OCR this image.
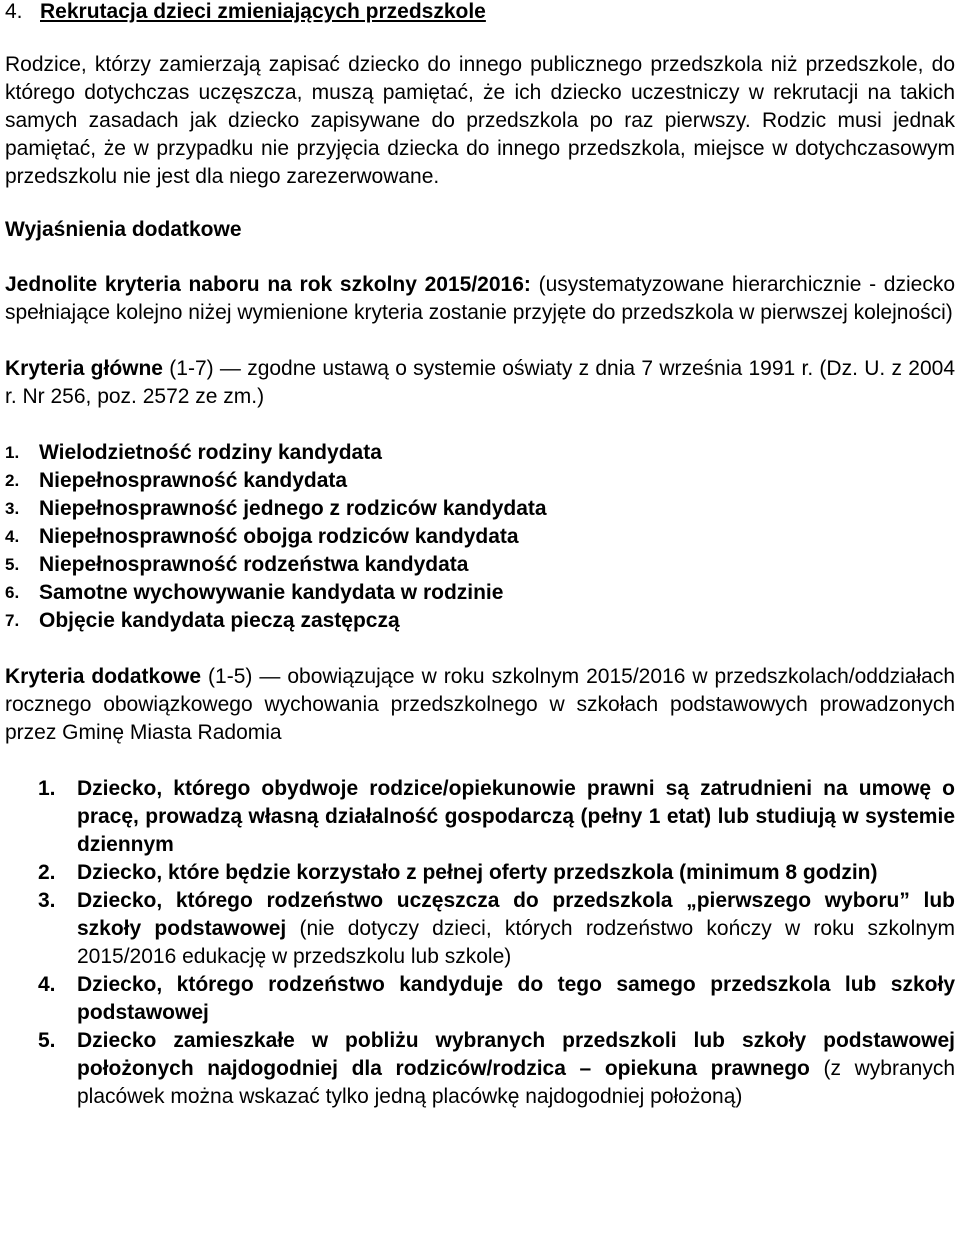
4. Rekrutacja dzieci zmieniających przedszkole

Rodzice, którzy zamierzają zapisać dziecko do innego publicznego przedszkola niż przedszkole, do którego dotychczas uczęszcza, muszą pamiętać, że ich dziecko uczestniczy w rekrutacji na takich samych zasadach jak dziecko zapisywane do przedszkola po raz pierwszy. Rodzic musi jednak pamiętać, że w przypadku nie przyjęcia dziecka do innego przedszkola, miejsce w dotychczasowym przedszkolu nie jest dla niego zarezerwowane.

Wyjaśnienia dodatkowe

Jednolite kryteria naboru na rok szkolny 2015/2016: (usystematyzowane hierarchicznie - dziecko spełniające kolejno niżej wymienione kryteria zostanie przyjęte do przedszkola w pierwszej kolejności)

Kryteria główne (1-7) — zgodne ustawą o systemie oświaty z dnia 7 września 1991 r. (Dz. U. z 2004 r. Nr 256, poz. 2572 ze zm.)

1. Wielodzietność rodziny kandydata
2. Niepełnosprawność kandydata
3. Niepełnosprawność jednego z rodziców kandydata
4. Niepełnosprawność obojga rodziców kandydata
5. Niepełnosprawność rodzeństwa kandydata
6. Samotne wychowywanie kandydata w rodzinie
7. Objęcie kandydata pieczą zastępczą

Kryteria dodatkowe (1-5) — obowiązujące w roku szkolnym 2015/2016 w przedszkolach/oddziałach rocznego obowiązkowego wychowania przedszkolnego w szkołach podstawowych prowadzonych przez Gminę Miasta Radomia

1.	Dziecko, którego obydwoje rodzice/opiekunowie prawni są zatrudnieni na umowę o pracę, prowadzą własną działalność gospodarczą (pełny 1 etat) lub studiują w systemie dziennym
2.	Dziecko, które będzie korzystało z pełnej oferty przedszkola (minimum 8 godzin)
3.	Dziecko, którego rodzeństwo uczęszcza do przedszkola „pierwszego wyboru” lub szkoły podstawowej (nie dotyczy dzieci, których rodzeństwo kończy w roku szkolnym 2015/2016 edukację w przedszkolu lub szkole)
4.	Dziecko, którego rodzeństwo kandyduje do tego samego przedszkola lub szkoły podstawowej
5.	Dziecko zamieszkałe w pobliżu wybranych przedszkoli lub szkoły podstawowej położonych najdogodniej dla rodziców/rodzica – opiekuna prawnego (z wybranych placówek można wskazać tylko jedną placówkę najdogodniej położoną)
